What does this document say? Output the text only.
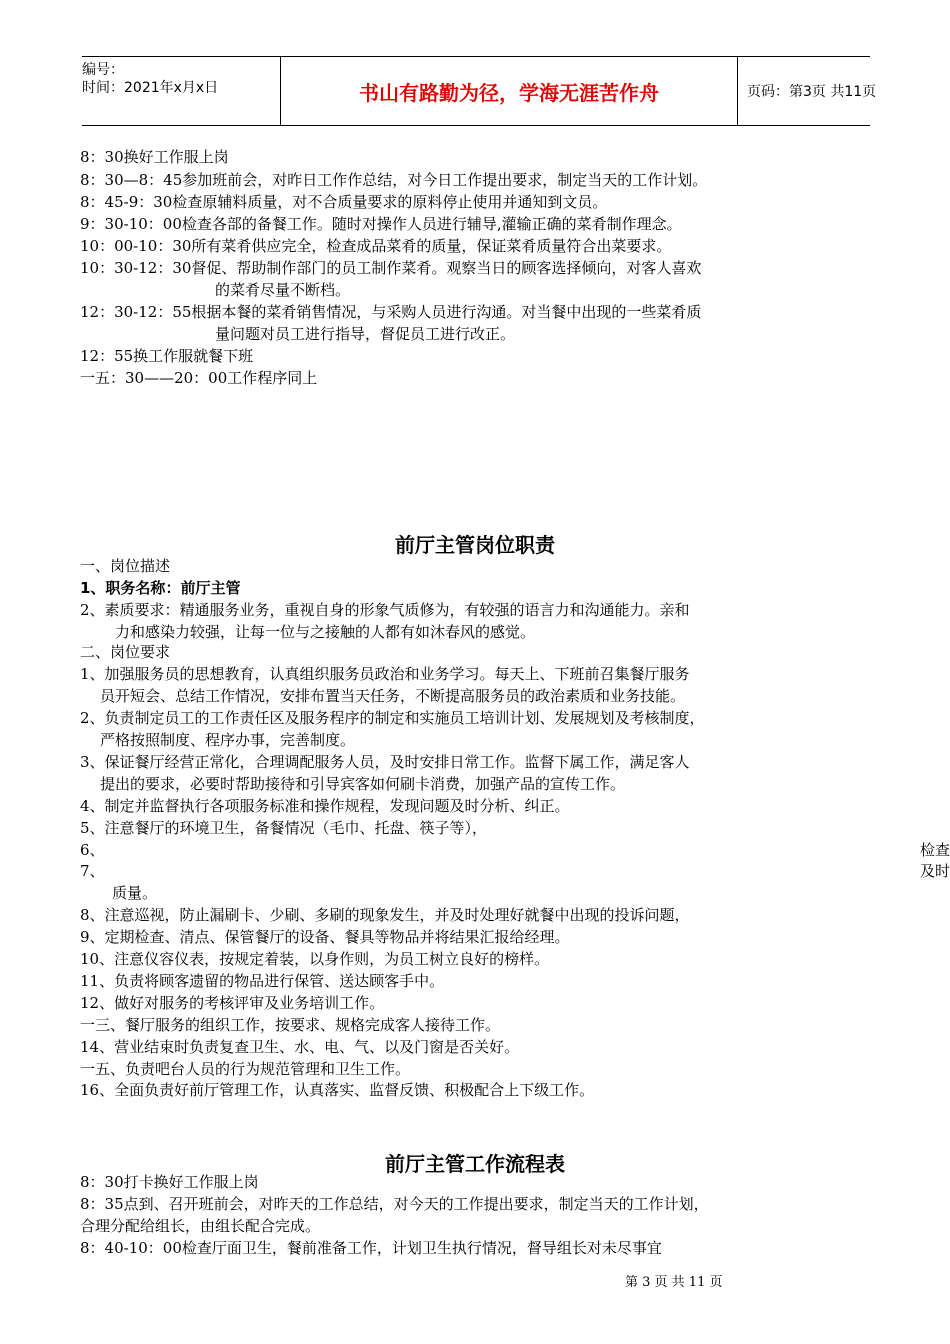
编号：
时间：2021年x月x日	书山有路勤为径，学海无涯苦作舟	页码：第3页 共11页
8：30换好工作服上岗
8：30—8：45参加班前会，对昨日工作作总结，对今日工作提出要求，制定当天的工作计划。
8：45-9：30检查原辅料质量，对不合质量要求的原料停止使用并通知到文员。
9：30-10：00检查各部的备餐工作。随时对操作人员进行辅导,灌输正确的菜肴制作理念。
10：00-10：30所有菜肴供应完全，检查成品菜肴的质量，保证菜肴质量符合出菜要求。
10：30-12：30督促、帮助制作部门的员工制作菜肴。观察当日的顾客选择倾向，对客人喜欢
的菜肴尽量不断档。
12：30-12：55根据本餐的菜肴销售情况，与采购人员进行沟通。对当餐中出现的一些菜肴质
量问题对员工进行指导，督促员工进行改正。
12：55换工作服就餐下班
一五：30——20：00工作程序同上
前厅主管岗位职责
一、岗位描述
1、职务名称：前厅主管
2、素质要求：精通服务业务，重视自身的形象气质修为，有较强的语言力和沟通能力。亲和
力和感染力较强，让每一位与之接触的人都有如沐春风的感觉。
二、岗位要求
1、加强服务员的思想教育，认真组织服务员政治和业务学习。每天上、下班前召集餐厅服务
员开短会、总结工作情况，安排布置当天任务，不断提高服务员的政治素质和业务技能。
2、负责制定员工的工作责任区及服务程序的制定和实施员工培训计划、发展规划及考核制度，
严格按照制度、程序办事，完善制度。
3、保证餐厅经营正常化，合理调配服务人员，及时安排日常工作。监督下属工作，满足客人
提出的要求，必要时帮助接待和引导宾客如何刷卡消费，加强产品的宣传工作。
4、制定并监督执行各项服务标准和操作规程，发现问题及时分析、纠正。
5、注意餐厅的环境卫生，备餐情况（毛巾、托盘、筷子等），
6、	检查
7、	及时
质量。
8、注意巡视，防止漏刷卡、少刷、多刷的现象发生，并及时处理好就餐中出现的投诉问题，
9、定期检查、清点、保管餐厅的设备、餐具等物品并将结果汇报给经理。
10、注意仪容仪表，按规定着装，以身作则，为员工树立良好的榜样。
11、负责将顾客遗留的物品进行保管、送达顾客手中。
12、做好对服务的考核评审及业务培训工作。
一三、餐厅服务的组织工作，按要求、规格完成客人接待工作。
14、营业结束时负责复查卫生、水、电、气、以及门窗是否关好。
一五、负责吧台人员的行为规范管理和卫生工作。
16、全面负责好前厅管理工作，认真落实、监督反馈、积极配合上下级工作。
前厅主管工作流程表
8：30打卡换好工作服上岗
8：35点到、召开班前会，对昨天的工作总结，对今天的工作提出要求，制定当天的工作计划，
合理分配给组长，由组长配合完成。
8：40-10：00检查厅面卫生，餐前准备工作，计划卫生执行情况，督导组长对未尽事宜
第 3 页 共 11 页
